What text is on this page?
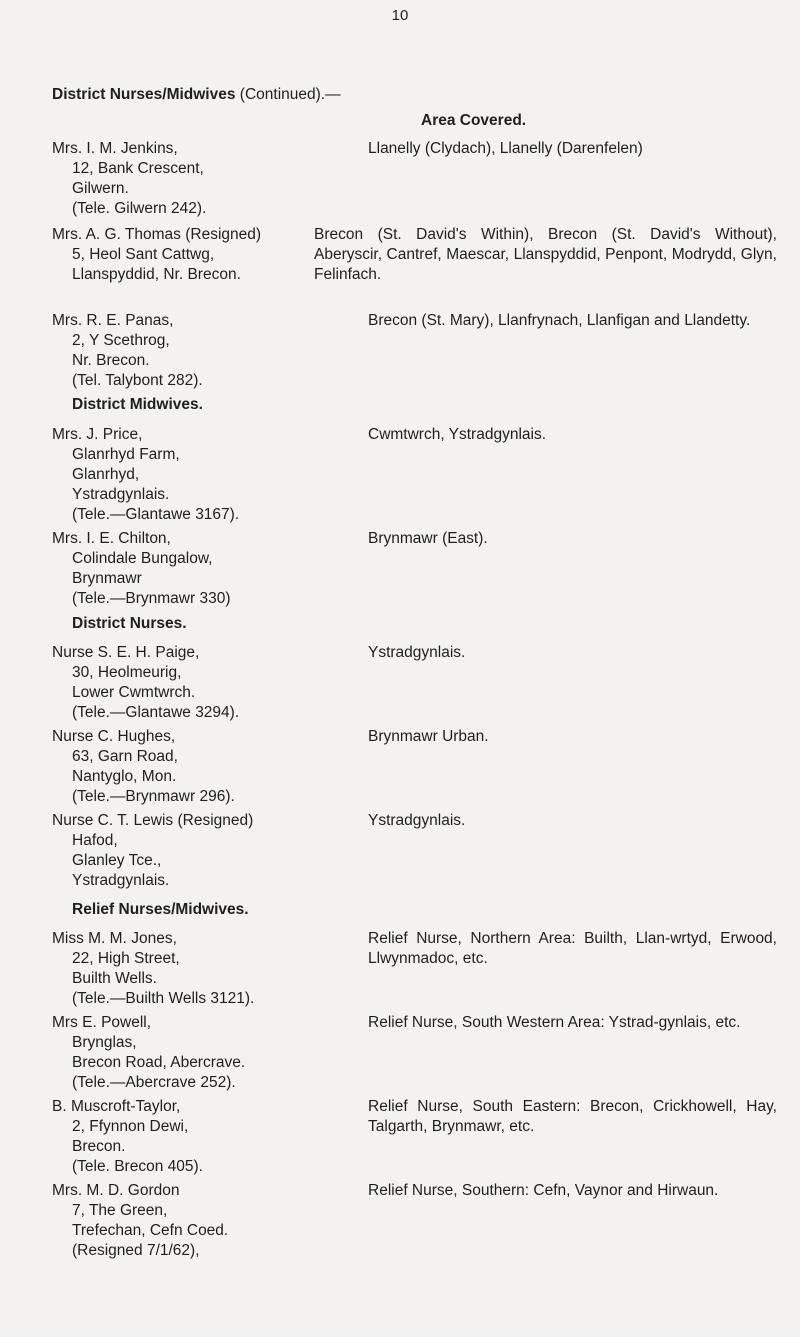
10
District Nurses/Midwives (Continued).—
Area Covered.
Mrs. I. M. Jenkins,
12, Bank Crescent,
Gilwern.
(Tele. Gilwern 242).
Llanelly (Clydach), Llanelly (Darenfelen)
5, Heol Sant Cattwg,
Llanspyddid, Nr. Brecon.
Mrs. A. G. Thomas (Resigned)	Brecon (St. David's Within), Brecon (St. David's Without), Aberyscir, Cantref, Maescar, Llanspyddid, Penpont, Modrydd, Glyn, Felinfach.
Mrs. R. E. Panas,
2, Y Scethrog,
Nr. Brecon.
(Tel. Talybont 282).
Brecon (St. Mary), Llanfrynach, Llanfigan and Llandetty.
District Midwives.
Mrs. J. Price,
Glanrhyd Farm,
Glanrhyd,
Ystradgynlais.
(Tele.—Glantawe 3167).
Cwmtwrch, Ystradgynlais.
Mrs. I. E. Chilton,
Colindale Bungalow,
Brynmawr
(Tele.—Brynmawr 330)
Brynmawr (East).
District Nurses.
Nurse S. E. H. Paige,
30, Heolmeurig,
Lower Cwmtwrch.
(Tele.—Glantawe 3294).
Ystradgynlais.
Nurse C. Hughes,
63, Garn Road,
Nantyglo, Mon.
(Tele.—Brynmawr 296).
Brynmawr Urban.
Nurse C. T. Lewis (Resigned)
Hafod,
Glanley Tce.,
Ystradgynlais.
Ystradgynlais.
Relief Nurses/Midwives.
Miss M. M. Jones,
22, High Street,
Builth Wells.
(Tele.—Builth Wells 3121).
Relief Nurse, Northern Area: Builth, Llan-wrtyd, Erwood, Llwynmadoc, etc.
Mrs E. Powell,
Brynglas,
Brecon Road, Abercrave.
(Tele.—Abercrave 252).
Relief Nurse, South Western Area: Ystrad-gynlais, etc.
B. Muscroft-Taylor,
2, Ffynnon Dewi,
Brecon.
(Tele. Brecon 405).
Relief Nurse, South Eastern: Brecon, Crickhowell, Hay, Talgarth, Brynmawr, etc.
Mrs. M. D. Gordon
7, The Green,
Trefechan, Cefn Coed.
(Resigned 7/1/62),
Relief Nurse, Southern: Cefn, Vaynor and Hirwaun.
